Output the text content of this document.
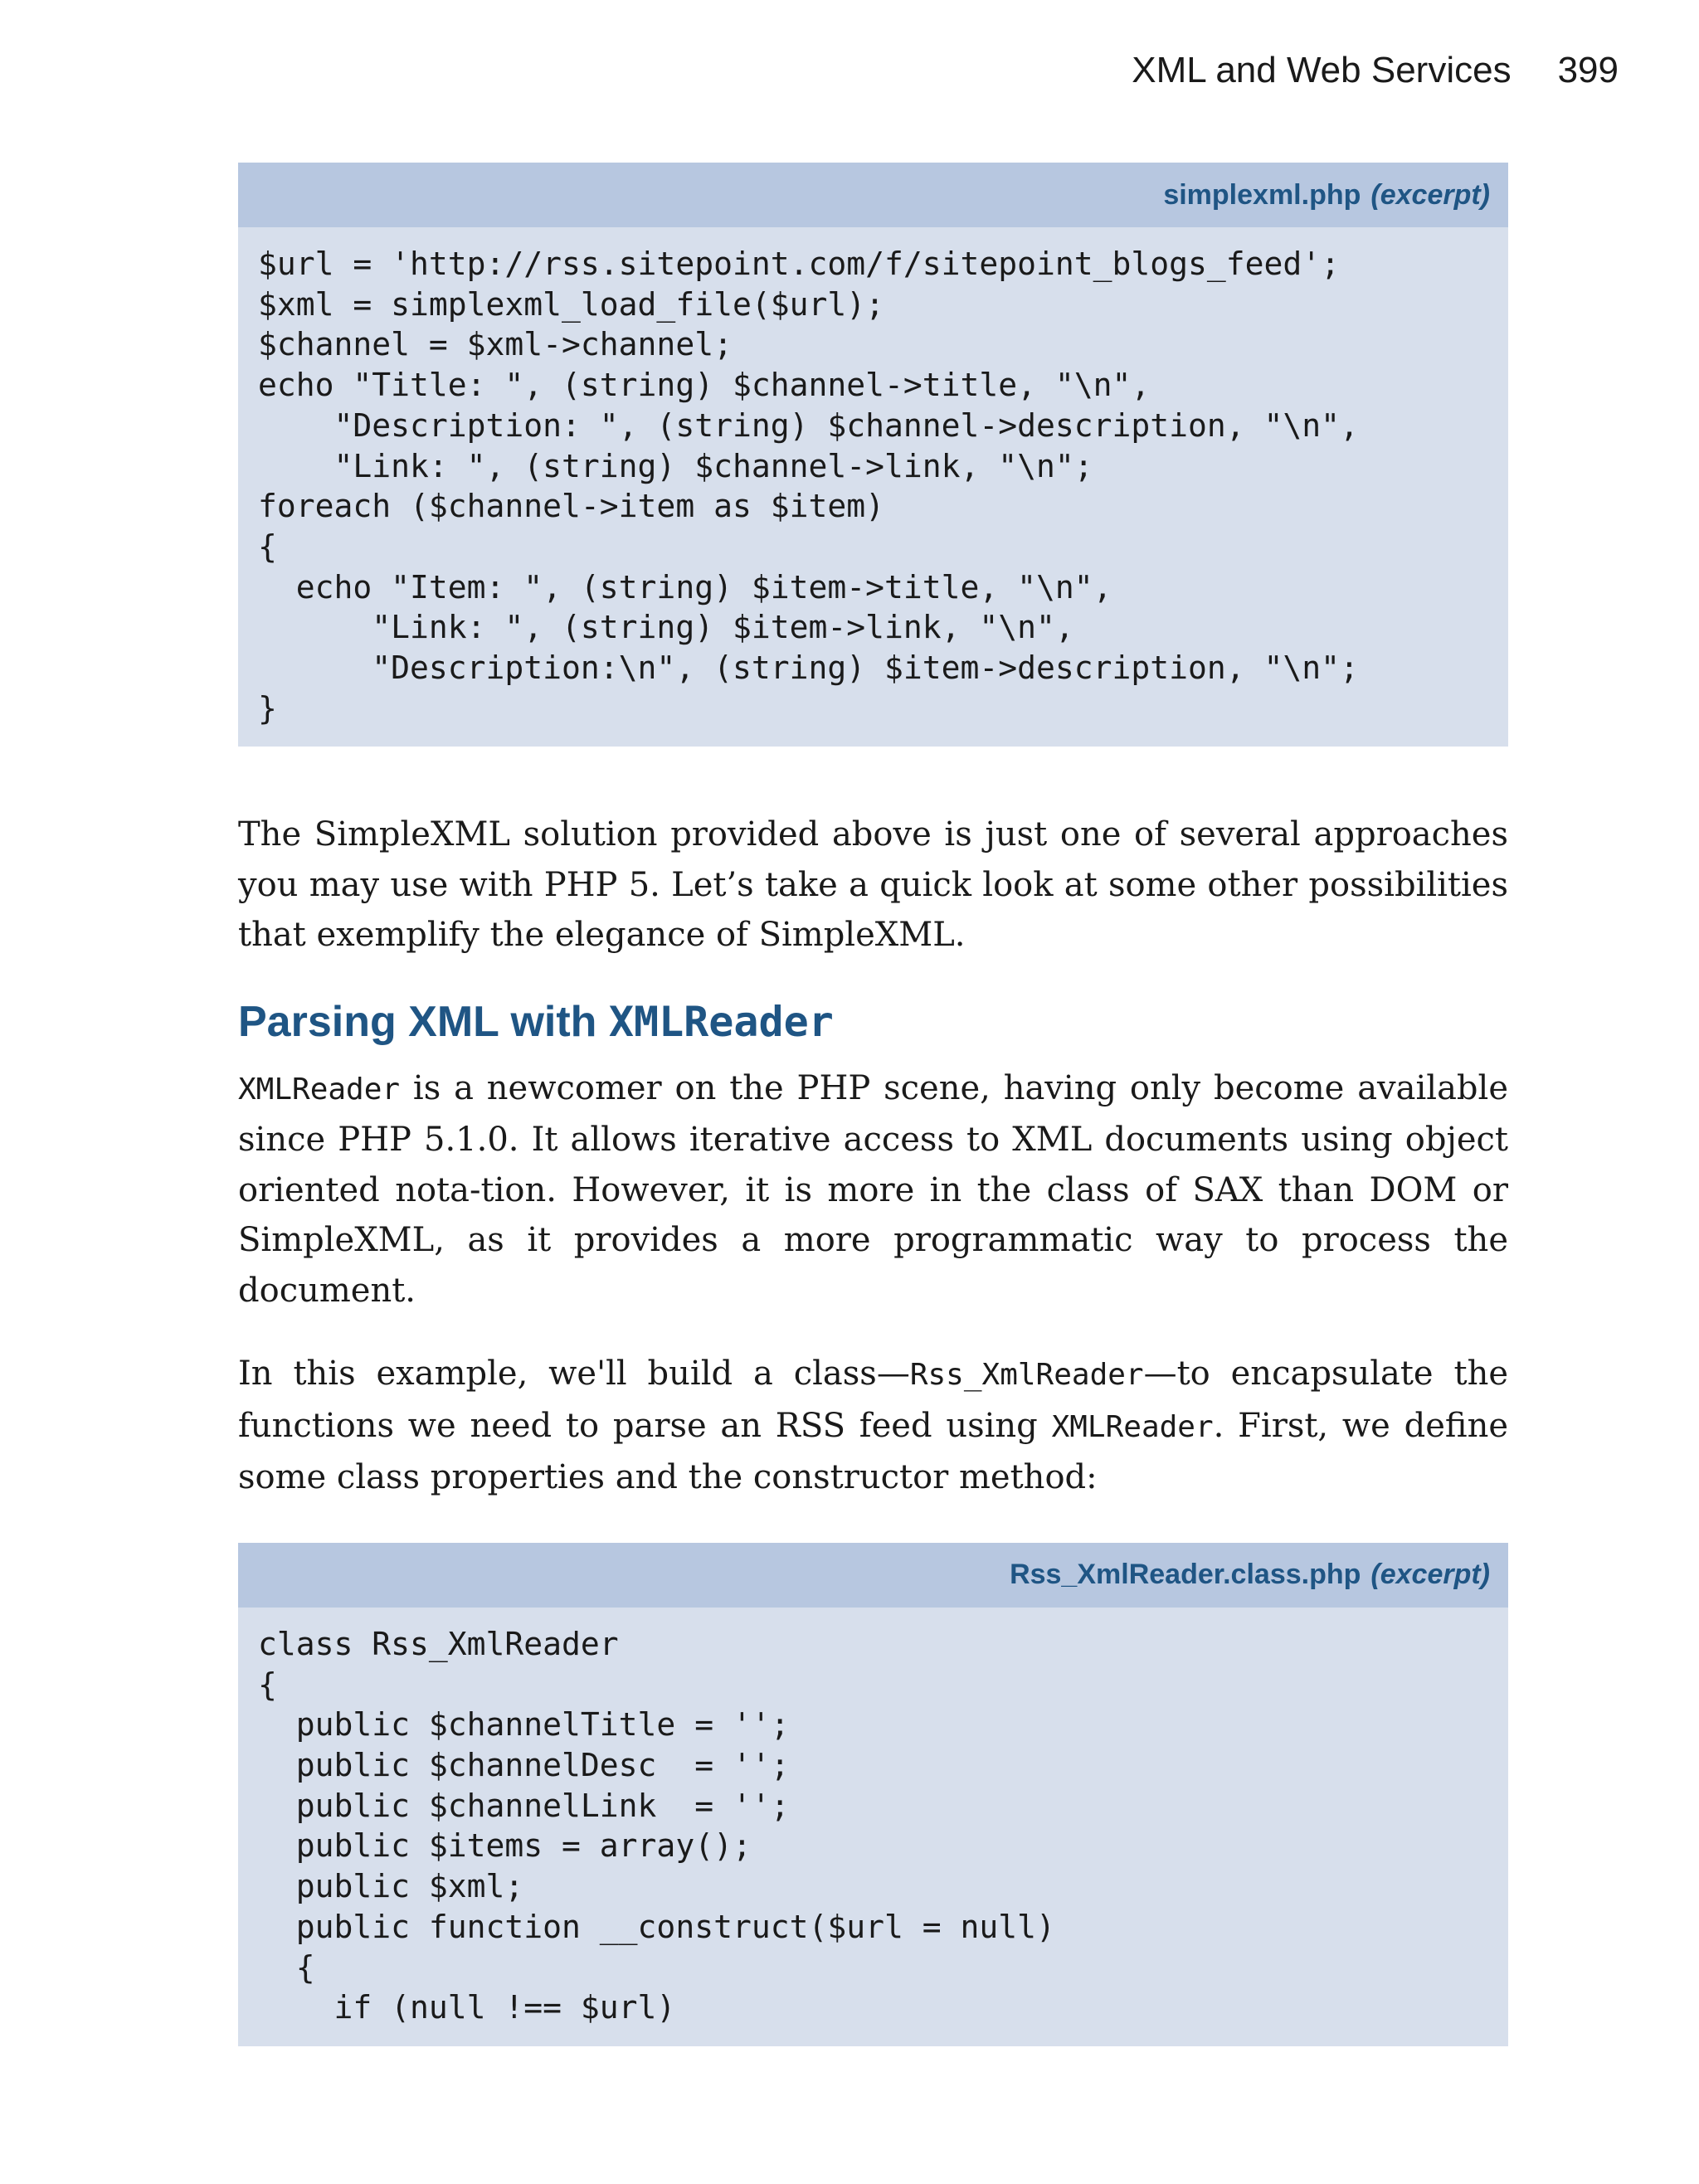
XML and Web Services 399
simplexml.php (excerpt)
$url = 'http://rss.sitepoint.com/f/sitepoint_blogs_feed';
$xml = simplexml_load_file($url);
$channel = $xml->channel;
echo "Title: ", (string) $channel->title, "\n",
"Description: ", (string) $channel->description, "\n",
"Link: ", (string) $channel->link, "\n";
foreach ($channel->item as $item)
{
echo "Item: ", (string) $item->title, "\n",
"Link: ", (string) $item->link, "\n",
"Description:\n", (string) $item->description, "\n";
}

The SimpleXML solution provided above is just one of several approaches you may use with PHP 5. Let’s take a quick look at some other possibilities that exemplify the elegance of SimpleXML.

Parsing XML with XMLReader

XMLReader is a newcomer on the PHP scene, having only become available since PHP 5.1.0. It allows iterative access to XML documents using object oriented nota-tion. However, it is more in the class of SAX than DOM or SimpleXML, as it provides a more programmatic way to process the document.

In this example, we'll build a class—Rss_XmlReader—to encapsulate the functions we need to parse an RSS feed using XMLReader. First, we define some class properties and the constructor method:

Rss_XmlReader.class.php (excerpt)
class Rss_XmlReader
{
public $channelTitle = '';
public $channelDesc  = '';
public $channelLink  = '';
public $items = array();
public $xml;
public function __construct($url = null)
{
if (null !== $url)
